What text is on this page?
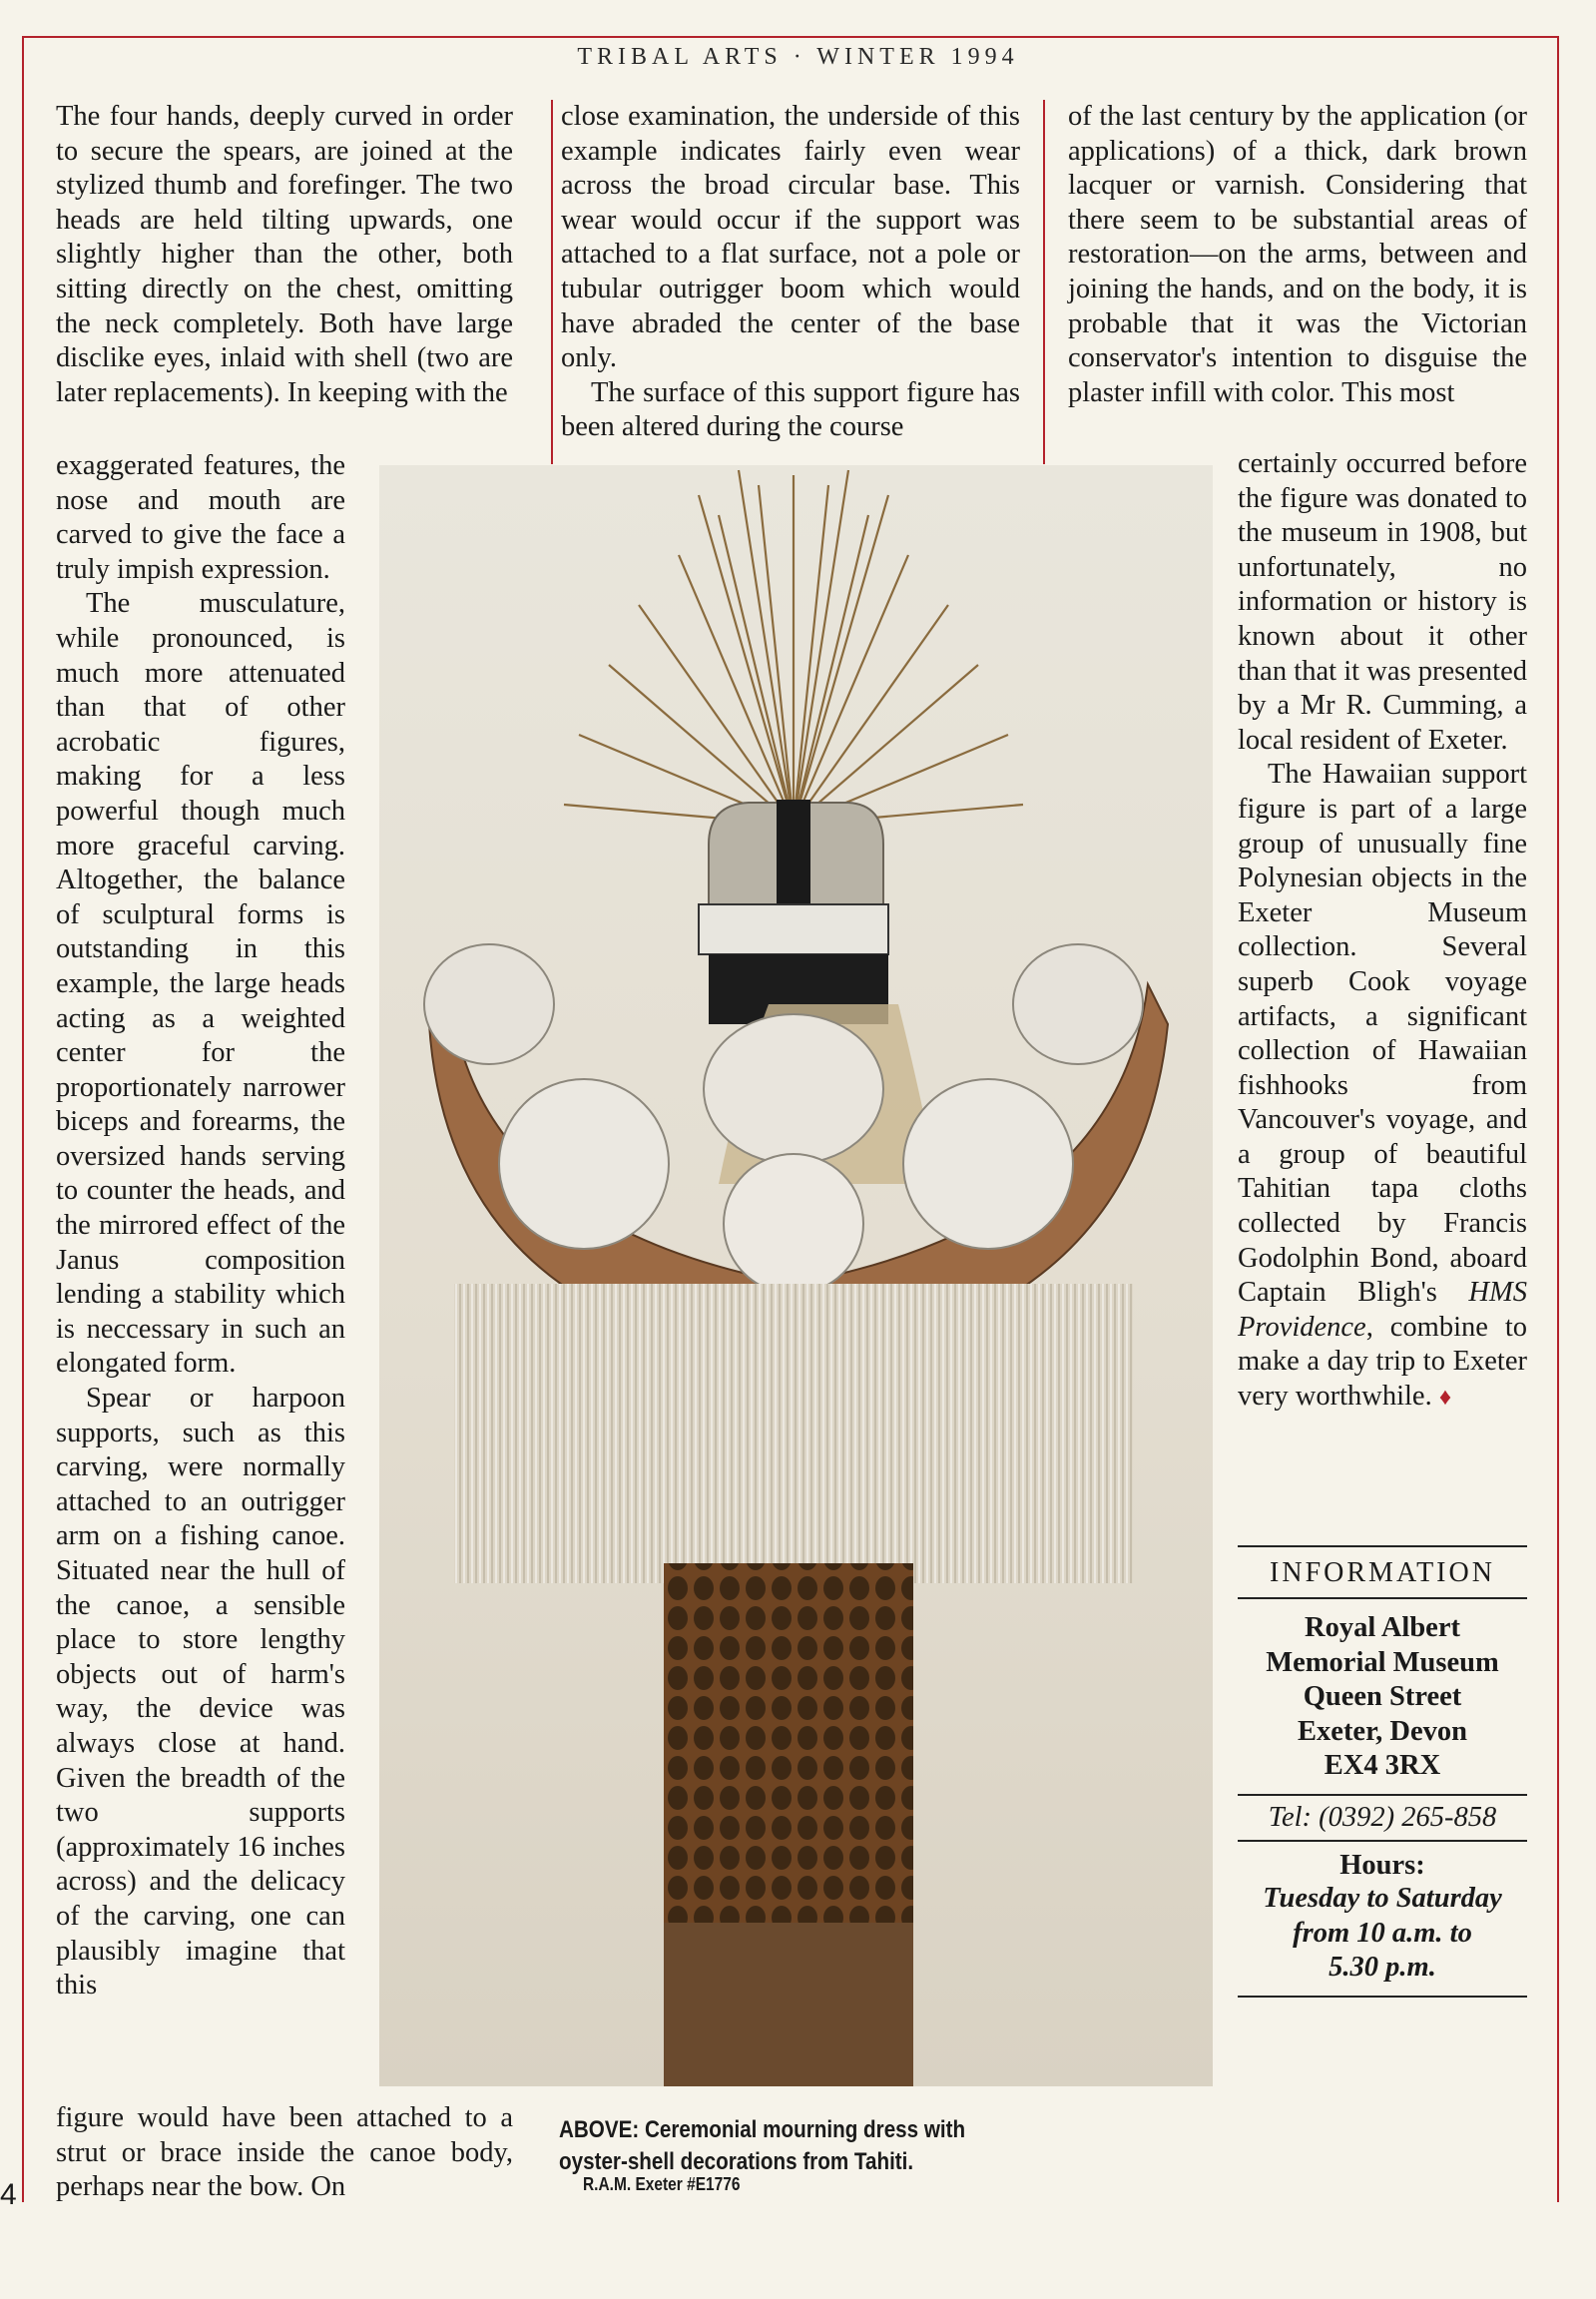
TRIBAL ARTS · WINTER 1994

The four hands, deeply curved in order to secure the spears, are joined at the stylized thumb and forefinger. The two heads are held tilting upwards, one slightly higher than the other, both sitting directly on the chest, omitting the neck completely. Both have large disclike eyes, inlaid with shell (two are later replacements). In keeping with the

exaggerated features, the nose and mouth are carved to give the face a truly impish expression.

The musculature, while pronounced, is much more attenuated than that of other acrobatic figures, making for a less powerful though much more graceful carving. Altogether, the balance of sculptural forms is outstanding in this example, the large heads acting as a weighted center for the proportionately narrower biceps and forearms, the oversized hands serving to counter the heads, and the mirrored effect of the Janus composition lending a stability which is neccessary in such an elongated form.

Spear or harpoon supports, such as this carving, were normally attached to an outrigger arm on a fishing canoe. Situated near the hull of the canoe, a sensible place to store lengthy objects out of harm's way, the device was always close at hand. Given the breadth of the two supports (approximately 16 inches across) and the delicacy of the carving, one can plausibly imagine that this

figure would have been attached to a strut or brace inside the canoe body, perhaps near the bow. On

close examination, the underside of this example indicates fairly even wear across the broad circular base. This wear would occur if the support was attached to a flat surface, not a pole or tubular outrigger boom which would have abraded the center of the base only.

The surface of this support figure has been altered during the course

of the last century by the application (or applications) of a thick, dark brown lacquer or varnish. Considering that there seem to be substantial areas of restoration—on the arms, between and joining the hands, and on the body, it is probable that it was the Victorian conservator's intention to disguise the plaster infill with color. This most

certainly occurred before the figure was donated to the museum in 1908, but unfortunately, no information or history is known about it other than that it was presented by a Mr R. Cumming, a local resident of Exeter.

The Hawaiian support figure is part of a large group of unusually fine Polynesian objects in the Exeter Museum collection. Several superb Cook voyage artifacts, a significant collection of Hawaiian fishhooks from Vancouver's voyage, and a group of beautiful Tahitian tapa cloths collected by Francis Godolphin Bond, aboard Captain Bligh's HMS Providence, combine to make a day trip to Exeter very worthwhile. ♦

ABOVE: Ceremonial mourning dress with oyster-shell decorations from Tahiti.
R.A.M. Exeter #E1776
4
INFORMATION
Royal Albert
Memorial Museum
Queen Street
Exeter, Devon
EX4 3RX
Tel: (0392) 265-858
Hours:
Tuesday to Saturday
from 10 a.m. to
5.30 p.m.
